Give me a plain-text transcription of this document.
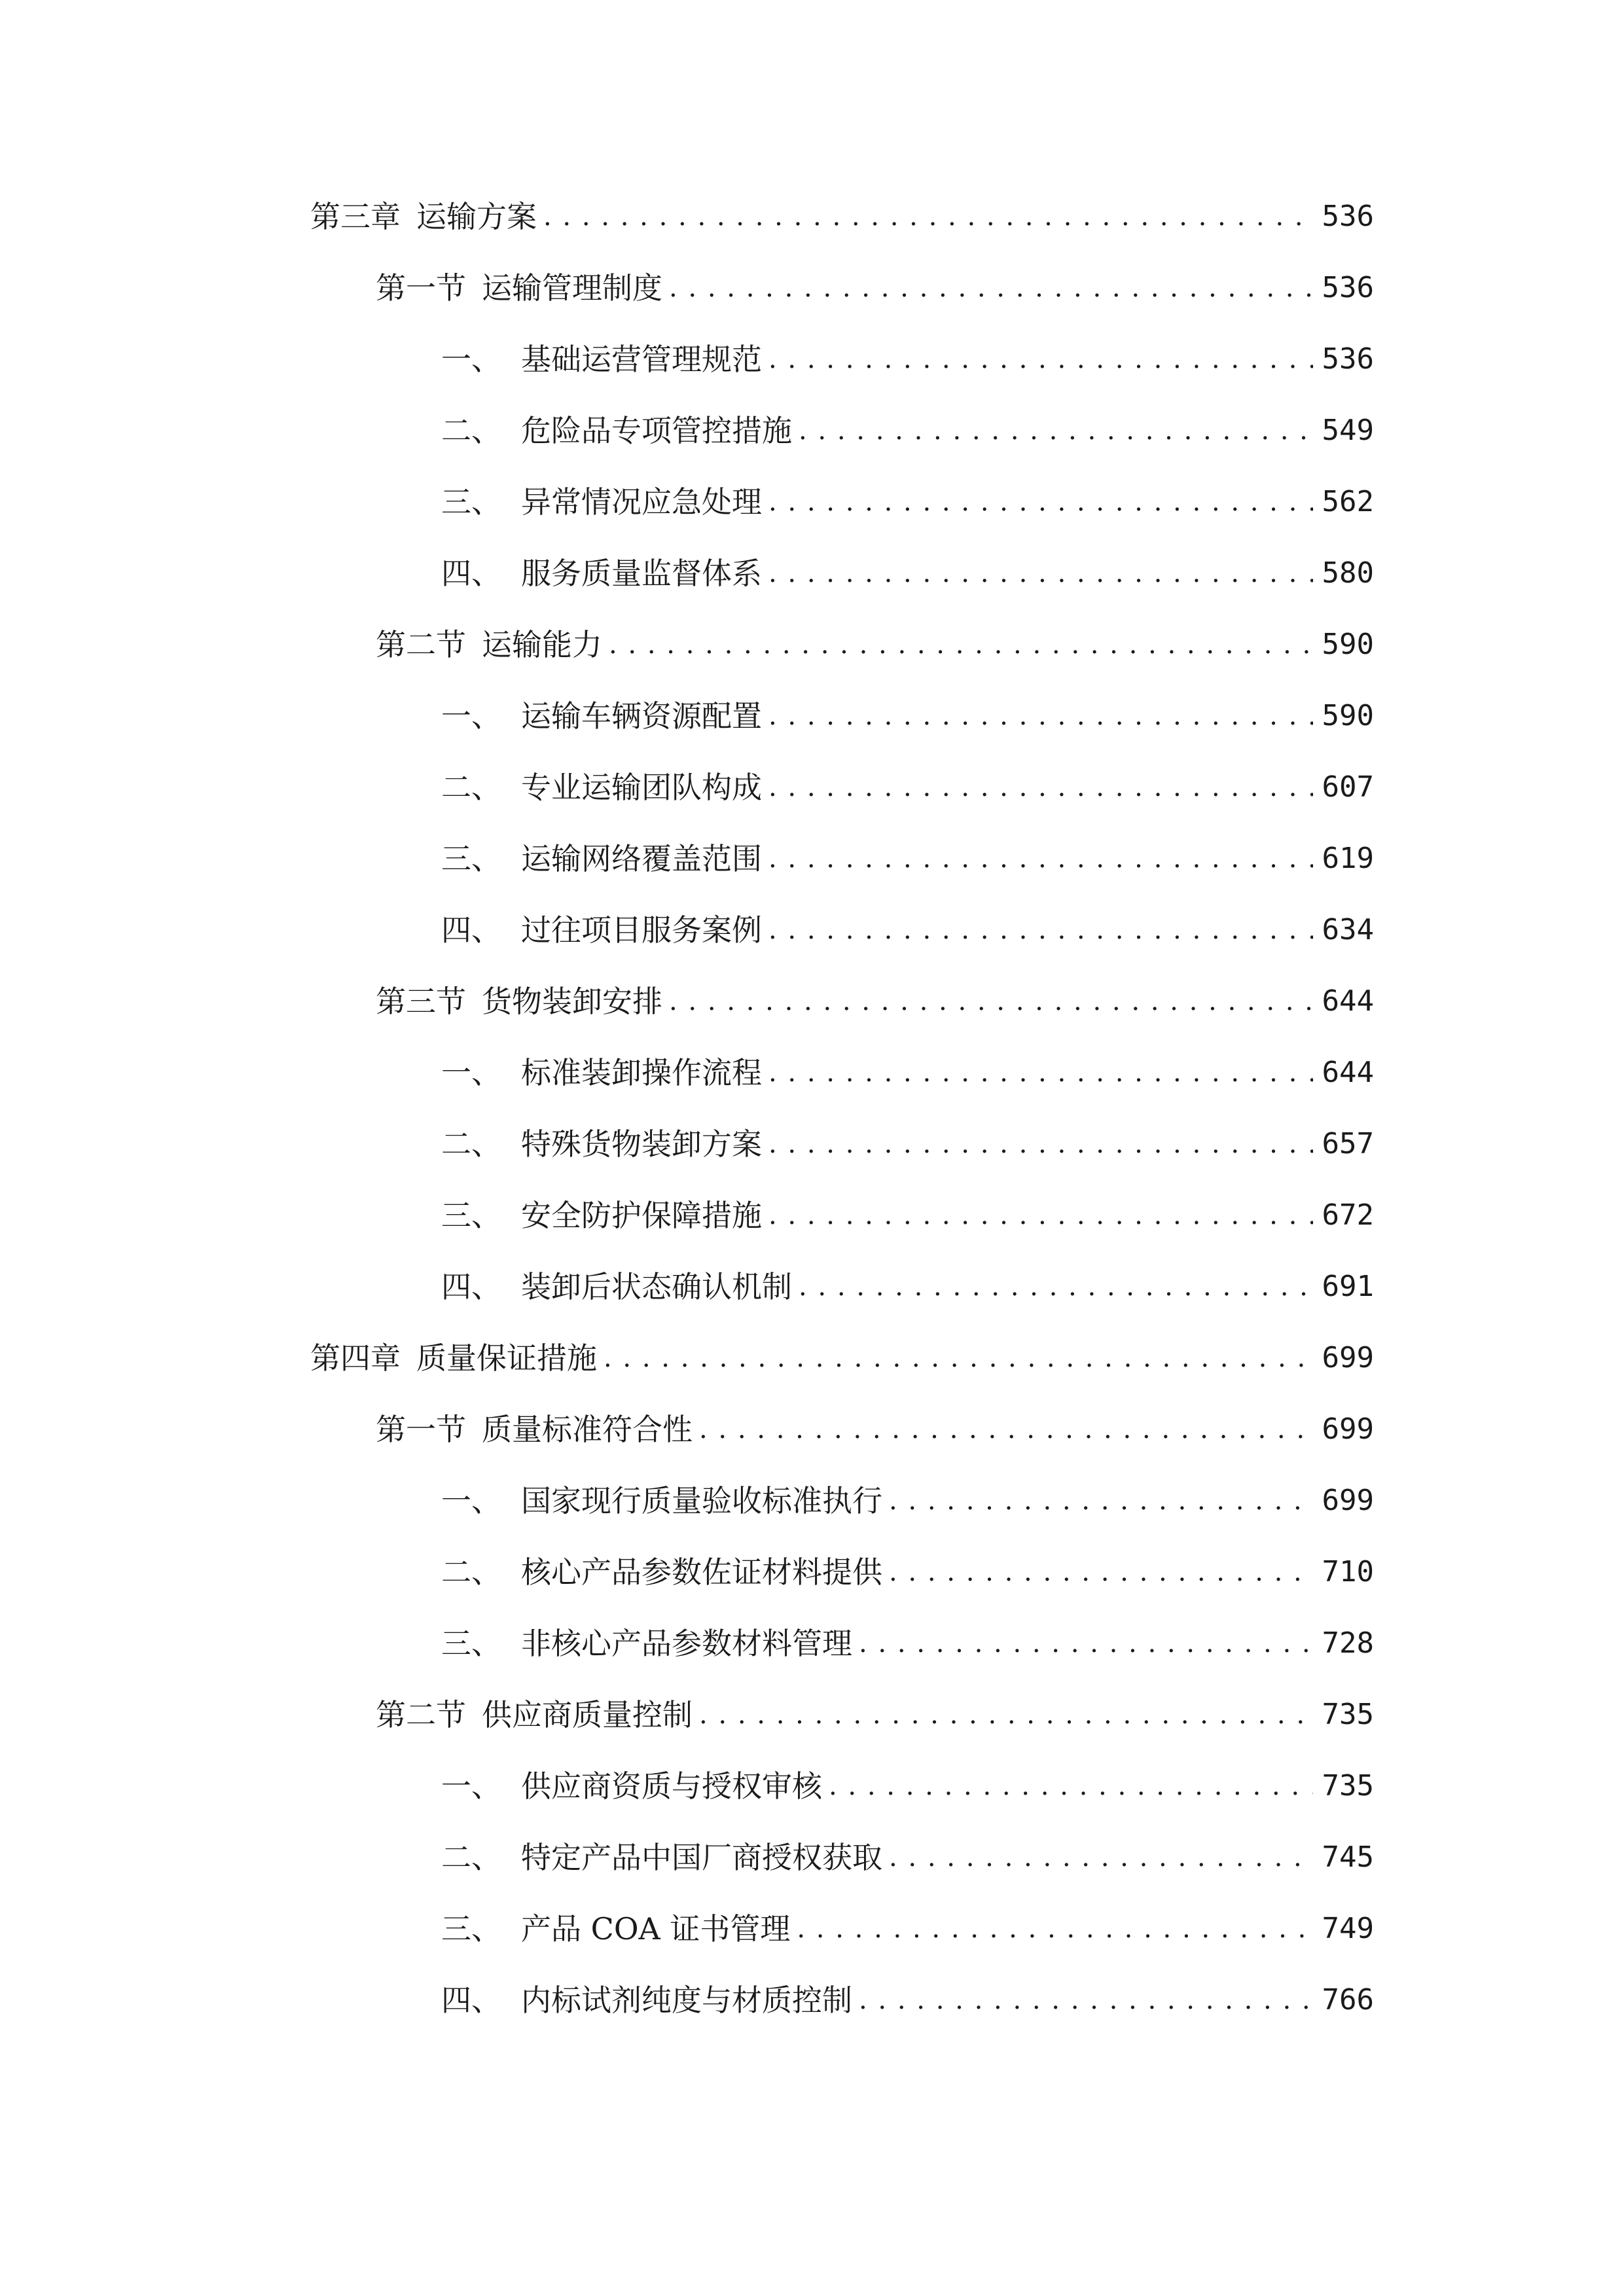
第三章 运输方案 . . .	536
第一节 运输管理制度 . . .	536
一、 基础运营管理规范 . . .	536
二、 危险品专项管控措施 . . .	549
三、 异常情况应急处理 . . .	562
四、 服务质量监督体系 . . .	580
第二节 运输能力 . . .	590
一、 运输车辆资源配置 . . .	590
二、 专业运输团队构成 . . .	607
三、 运输网络覆盖范围 . . .	619
四、 过往项目服务案例 . . .	634
第三节 货物装卸安排 . . .	644
一、 标准装卸操作流程 . . .	644
二、 特殊货物装卸方案 . . .	657
三、 安全防护保障措施 . . .	672
四、 装卸后状态确认机制 . . .	691
第四章 质量保证措施 . . .	699
第一节 质量标准符合性 . . .	699
一、 国家现行质量验收标准执行 . . .	699
二、 核心产品参数佐证材料提供 . . .	710
三、 非核心产品参数材料管理 . . .	728
第二节 供应商质量控制 . . .	735
一、 供应商资质与授权审核 . . .	735
二、 特定产品中国厂商授权获取 . . .	745
三、 产品 COA 证书管理 . . .	749
四、 内标试剂纯度与材质控制 . . .	766
